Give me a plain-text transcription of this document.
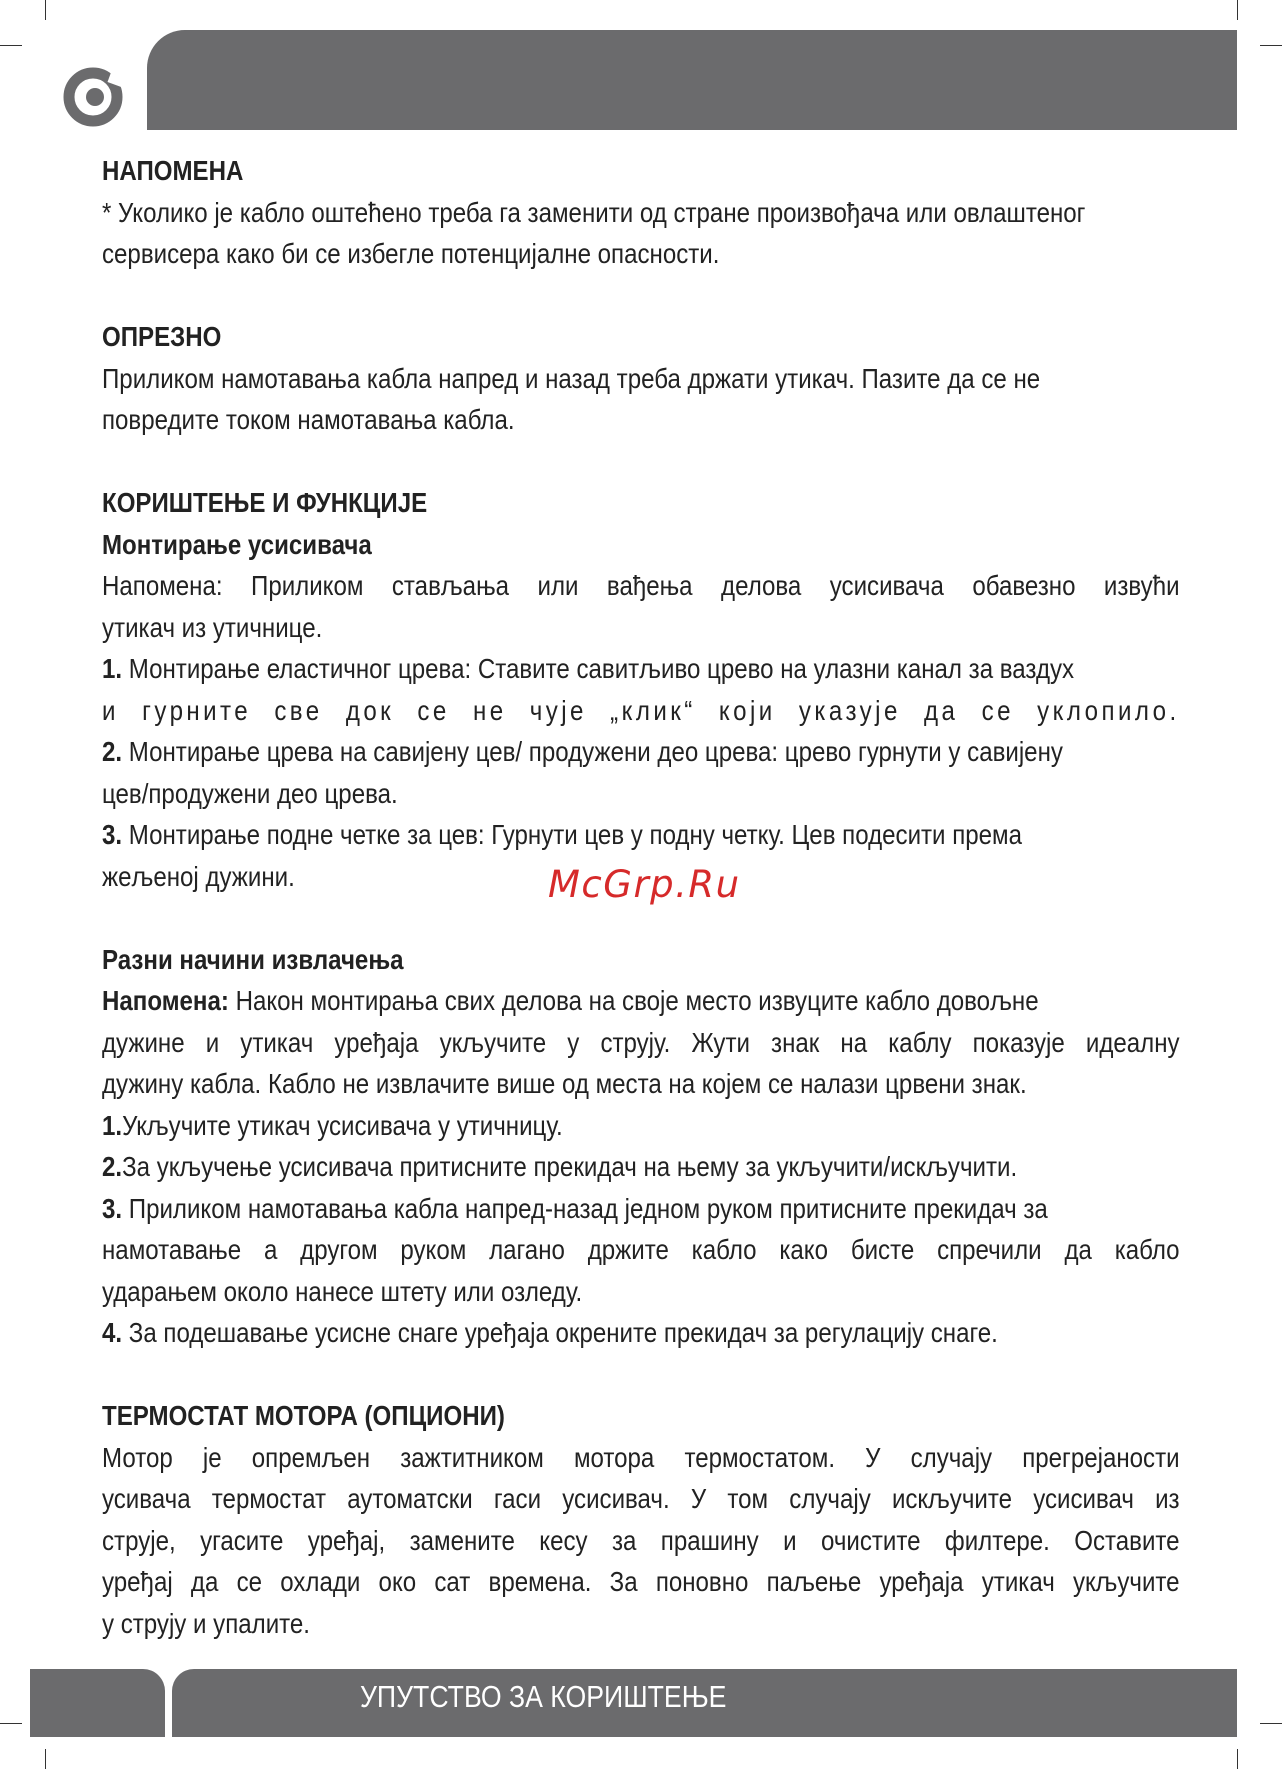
НАПОМЕНА

* Уколико је кабло оштећено треба га заменити од стране произвођача или овлаштеног

сервисера како би се избегле потенцијалне опасности.

ОПРЕЗНО

Приликом намотавања кабла напред и назад треба држати утикач. Пазите да се не

повредите током намотавања кабла.

КОРИШТЕЊЕ И ФУНКЦИЈЕ

Монтирање усисивача

Напомена: Приликом стављања или вађења делова усисивача обавезно извући

утикач из утичнице.

1. Монтирање еластичног црева: Ставите савитљиво црево на улазни канал за ваздух

и гурните све док се не чује „клик“ који указује да се уклопило.

2. Монтирање црева на савијену цев/ продужени део црева: црево гурнути у савијену

цев/продужени део црева.

3. Монтирање подне четке за цев: Гурнути цев у подну четку. Цев подесити према

жељеној дужини.

Разни начини извлачења

Напомена: Након монтирања свих делова на своје место извуците кабло довољне

дужине и утикач уређаја укључите у струју. Жути знак на каблу показује идеалну

дужину кабла. Кабло не извлачите више од места на којем се налази црвени знак.

1.Укључите утикач усисивача у утичницу.

2.За укључење усисивача притисните прекидач на њему за укључити/искључити.

3. Приликом намотавања кабла напред-назад једном руком притисните прекидач за

намотавање а другом руком лагано држите кабло како бисте спречили да кабло

ударањем около нанесе штету или озледу.

4. За подешавање усисне снаге уређаја окрените прекидач за регулацију снаге.

ТЕРМОСТАТ МОТОРА (ОПЦИОНИ)

Мотор је опремљен зажтитником мотора термостатом. У случају прегрејаности

усивача термостат аутоматски гаси усисивач. У том случају искључите усисивач из

струје, угасите уређај, замените кесу за прашину и очистите филтере. Оставите

уређај да се охлади око сат времена. За поновно паљење уређаја утикач укључите

у струју и упалите.

McGrp.Ru
УПУТСТВО ЗА КОРИШТЕЊЕ
